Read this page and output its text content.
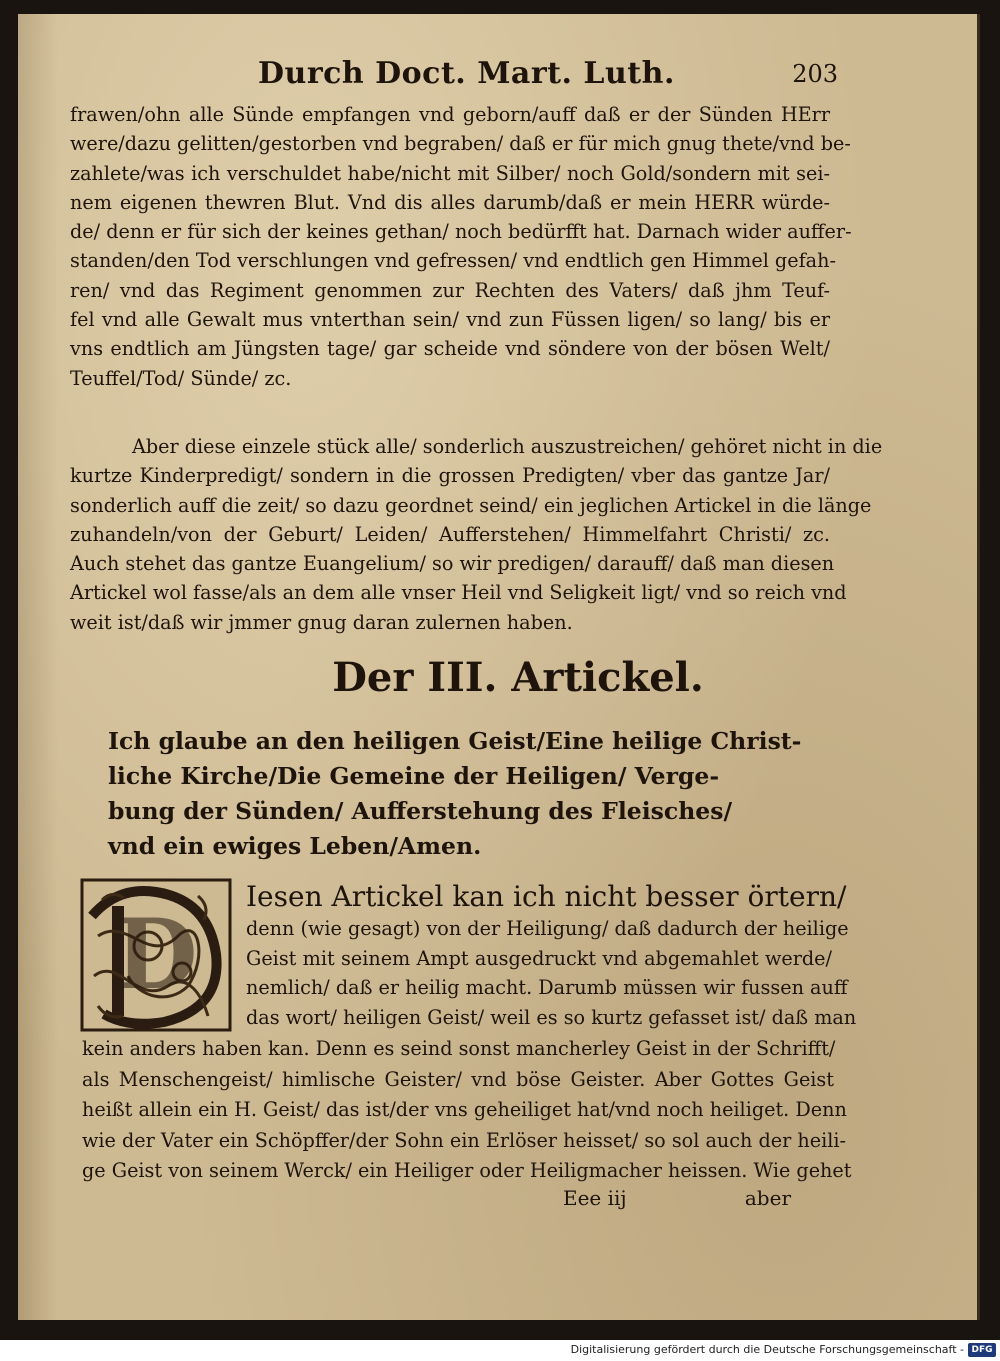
Durch Doct. Mart. Luth.	203
frawen/ohn alle Sünde empfangen vnd geborn/auff daß er der Sünden HErr
were/dazu gelitten/gestorben vnd begraben/ daß er für mich gnug thete/vnd be-
zahlete/was ich verschuldet habe/nicht mit Silber/ noch Gold/sondern mit sei-
nem eigenen thewren Blut. Vnd dis alles darumb/daß er mein HERR würde-
de/ denn er für sich der keines gethan/ noch bedürfft hat. Darnach wider auffer-
standen/den Tod verschlungen vnd gefressen/ vnd endtlich gen Himmel gefah-
ren/ vnd das Regiment genommen zur Rechten des Vaters/ daß jhm Teuf-
fel vnd alle Gewalt mus vnterthan sein/ vnd zun Füssen ligen/ so lang/ bis er
vns endtlich am Jüngsten tage/ gar scheide vnd söndere von der bösen Welt/
Teuffel/Tod/ Sünde/ zc.
Aber diese einzele stück alle/ sonderlich auszustreichen/ gehöret nicht in die
kurtze Kinderpredigt/ sondern in die grossen Predigten/ vber das gantze Jar/
sonderlich auff die zeit/ so dazu geordnet seind/ ein jeglichen Artickel in die länge
zuhandeln/von der Geburt/ Leiden/ Aufferstehen/ Himmelfahrt Christi/ zc.
Auch stehet das gantze Euangelium/ so wir predigen/ darauff/ daß man diesen
Artickel wol fasse/als an dem alle vnser Heil vnd Seligkeit ligt/ vnd so reich vnd
weit ist/daß wir jmmer gnug daran zulernen haben.
Der III. Artickel.
Ich glaube an den heiligen Geist/Eine heilige Christ-
liche Kirche/Die Gemeine der Heiligen/ Verge-
bung der Sünden/ Aufferstehung des Fleisches/
vnd ein ewiges Leben/Amen.
D
Iesen Artickel kan ich nicht besser örtern/
denn (wie gesagt) von der Heiligung/ daß dadurch der heilige
Geist mit seinem Ampt ausgedruckt vnd abgemahlet werde/
nemlich/ daß er heilig macht. Darumb müssen wir fussen auff
das wort/ heiligen Geist/ weil es so kurtz gefasset ist/ daß man
kein anders haben kan. Denn es seind sonst mancherley Geist in der Schrifft/
als Menschengeist/ himlische Geister/ vnd böse Geister. Aber Gottes Geist
heißt allein ein H. Geist/ das ist/der vns geheiliget hat/vnd noch heiliget. Denn
wie der Vater ein Schöpffer/der Sohn ein Erlöser heisset/ so sol auch der heili-
ge Geist von seinem Werck/ ein Heiliger oder Heiligmacher heissen. Wie gehet
Eee iij	aber
Digitalisierung gefördert durch die Deutsche Forschungsgemeinschaft - DFG
